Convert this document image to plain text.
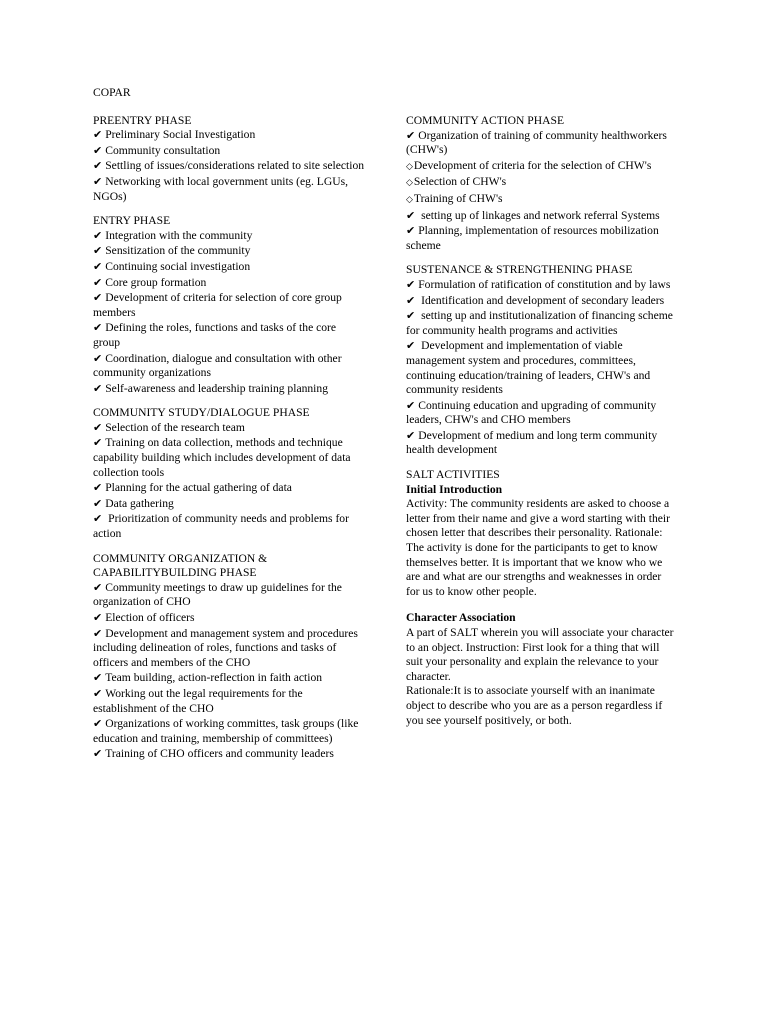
COPAR
PREENTRY PHASE
✔ Preliminary Social Investigation
✔ Community consultation
✔ Settling of issues/considerations related to site selection
✔ Networking with local government units (eg. LGUs, NGOs)
ENTRY PHASE
✔ Integration with the community
✔ Sensitization of the community
✔ Continuing social investigation
✔ Core group formation
✔ Development of criteria for selection of core group members
✔ Defining the roles, functions and tasks of the core group
✔ Coordination, dialogue and consultation with other community organizations
✔ Self-awareness and leadership training planning
COMMUNITY STUDY/DIALOGUE PHASE
✔ Selection of the research team
✔ Training on data collection, methods and technique capability building which includes development of data collection tools
✔ Planning for the actual gathering of data
✔ Data gathering
✔ Prioritization of community needs and problems for action
COMMUNITY ORGANIZATION & CAPABILITYBUILDING PHASE
✔ Community meetings to draw up guidelines for the organization of CHO
✔ Election of officers
✔ Development and management system and procedures including delineation of roles, functions and tasks of officers and members of the CHO
✔ Team building, action-reflection in faith action
✔ Working out the legal requirements for the establishment of the CHO
✔ Organizations of working committes, task groups (like education and training, membership of committees)
✔ Training of CHO officers and community leaders
COMMUNITY ACTION PHASE
✔ Organization of training of community healthworkers (CHW's)
◇Development of criteria for the selection of CHW's
◇Selection of CHW's
◇Training of CHW's
✔ setting up of linkages and network referral Systems
✔ Planning, implementation of resources mobilization scheme
SUSTENANCE & STRENGTHENING PHASE
✔ Formulation of ratification of constitution and by laws
✔ Identification and development of secondary leaders
✔ setting up and institutionalization of financing scheme for community health programs and activities
✔ Development and implementation of viable management system and procedures, committees, continuing education/training of leaders, CHW's and community residents
✔ Continuing education and upgrading of community leaders, CHW's and CHO members
✔ Development of medium and long term community health development
SALT ACTIVITIES
Initial Introduction

Activity: The community residents are asked to choose a letter from their name and give a word starting with their chosen letter that describes their personality. Rationale: The activity is done for the participants to get to know themselves better. It is important that we know who we are and what are our strengths and weaknesses in order for us to know other people.

Character Association

A part of SALT wherein you will associate your character to an object. Instruction: First look for a thing that will suit your personality and explain the relevance to your character.

Rationale:It is to associate yourself with an inanimate object to describe who you are as a person regardless if you see yourself positively, or both.
